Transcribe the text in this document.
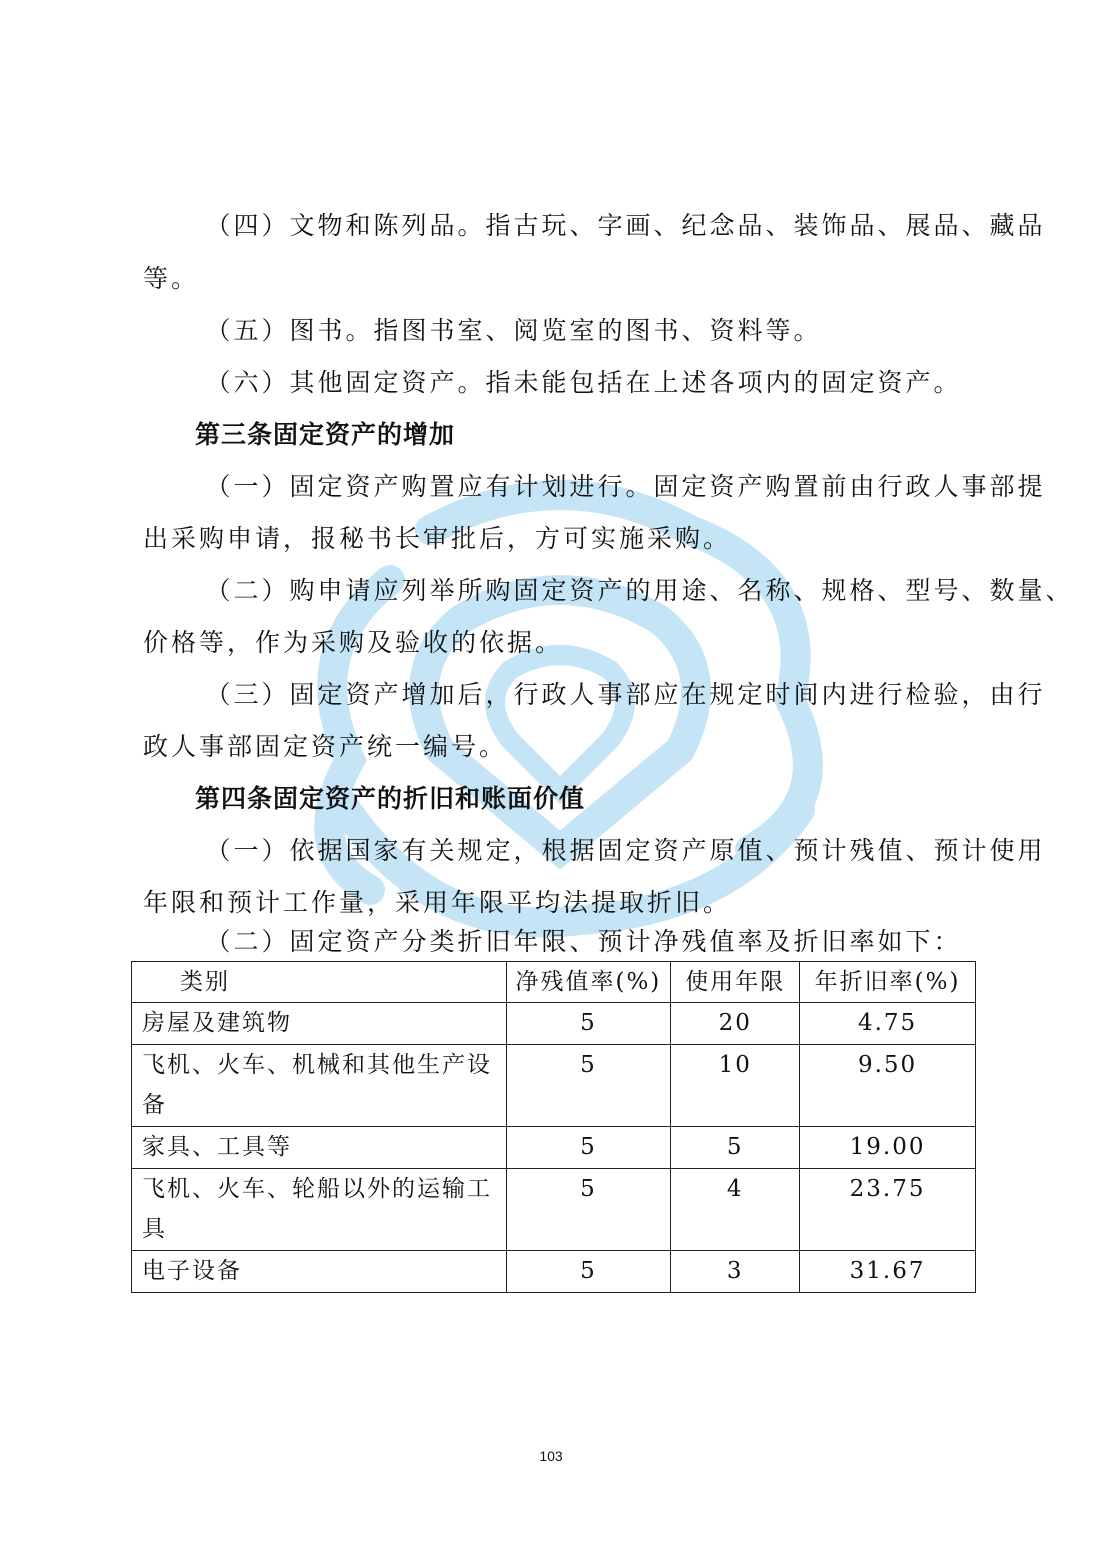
（四）文物和陈列品。指古玩、字画、纪念品、装饰品、展品、藏品

等。

（五）图书。指图书室、阅览室的图书、资料等。

（六）其他固定资产。指未能包括在上述各项内的固定资产。

第三条固定资产的增加

（一）固定资产购置应有计划进行。固定资产购置前由行政人事部提

出采购申请，报秘书长审批后，方可实施采购。

（二）购申请应列举所购固定资产的用途、名称、规格、型号、数量、

价格等，作为采购及验收的依据。

（三）固定资产增加后，行政人事部应在规定时间内进行检验，由行

政人事部固定资产统一编号。

第四条固定资产的折旧和账面价值

（一）依据国家有关规定，根据固定资产原值、预计残值、预计使用

年限和预计工作量，采用年限平均法提取折旧。

（二）固定资产分类折旧年限、预计净残值率及折旧率如下：

类别	净残值率(%)	使用年限	年折旧率(%)
房屋及建筑物	5	20	4.75
飞机、火车、机械和其他生产设备	5	10	9.50
家具、工具等	5	5	19.00
飞机、火车、轮船以外的运输工具	5	4	23.75
电子设备	5	3	31.67
103
